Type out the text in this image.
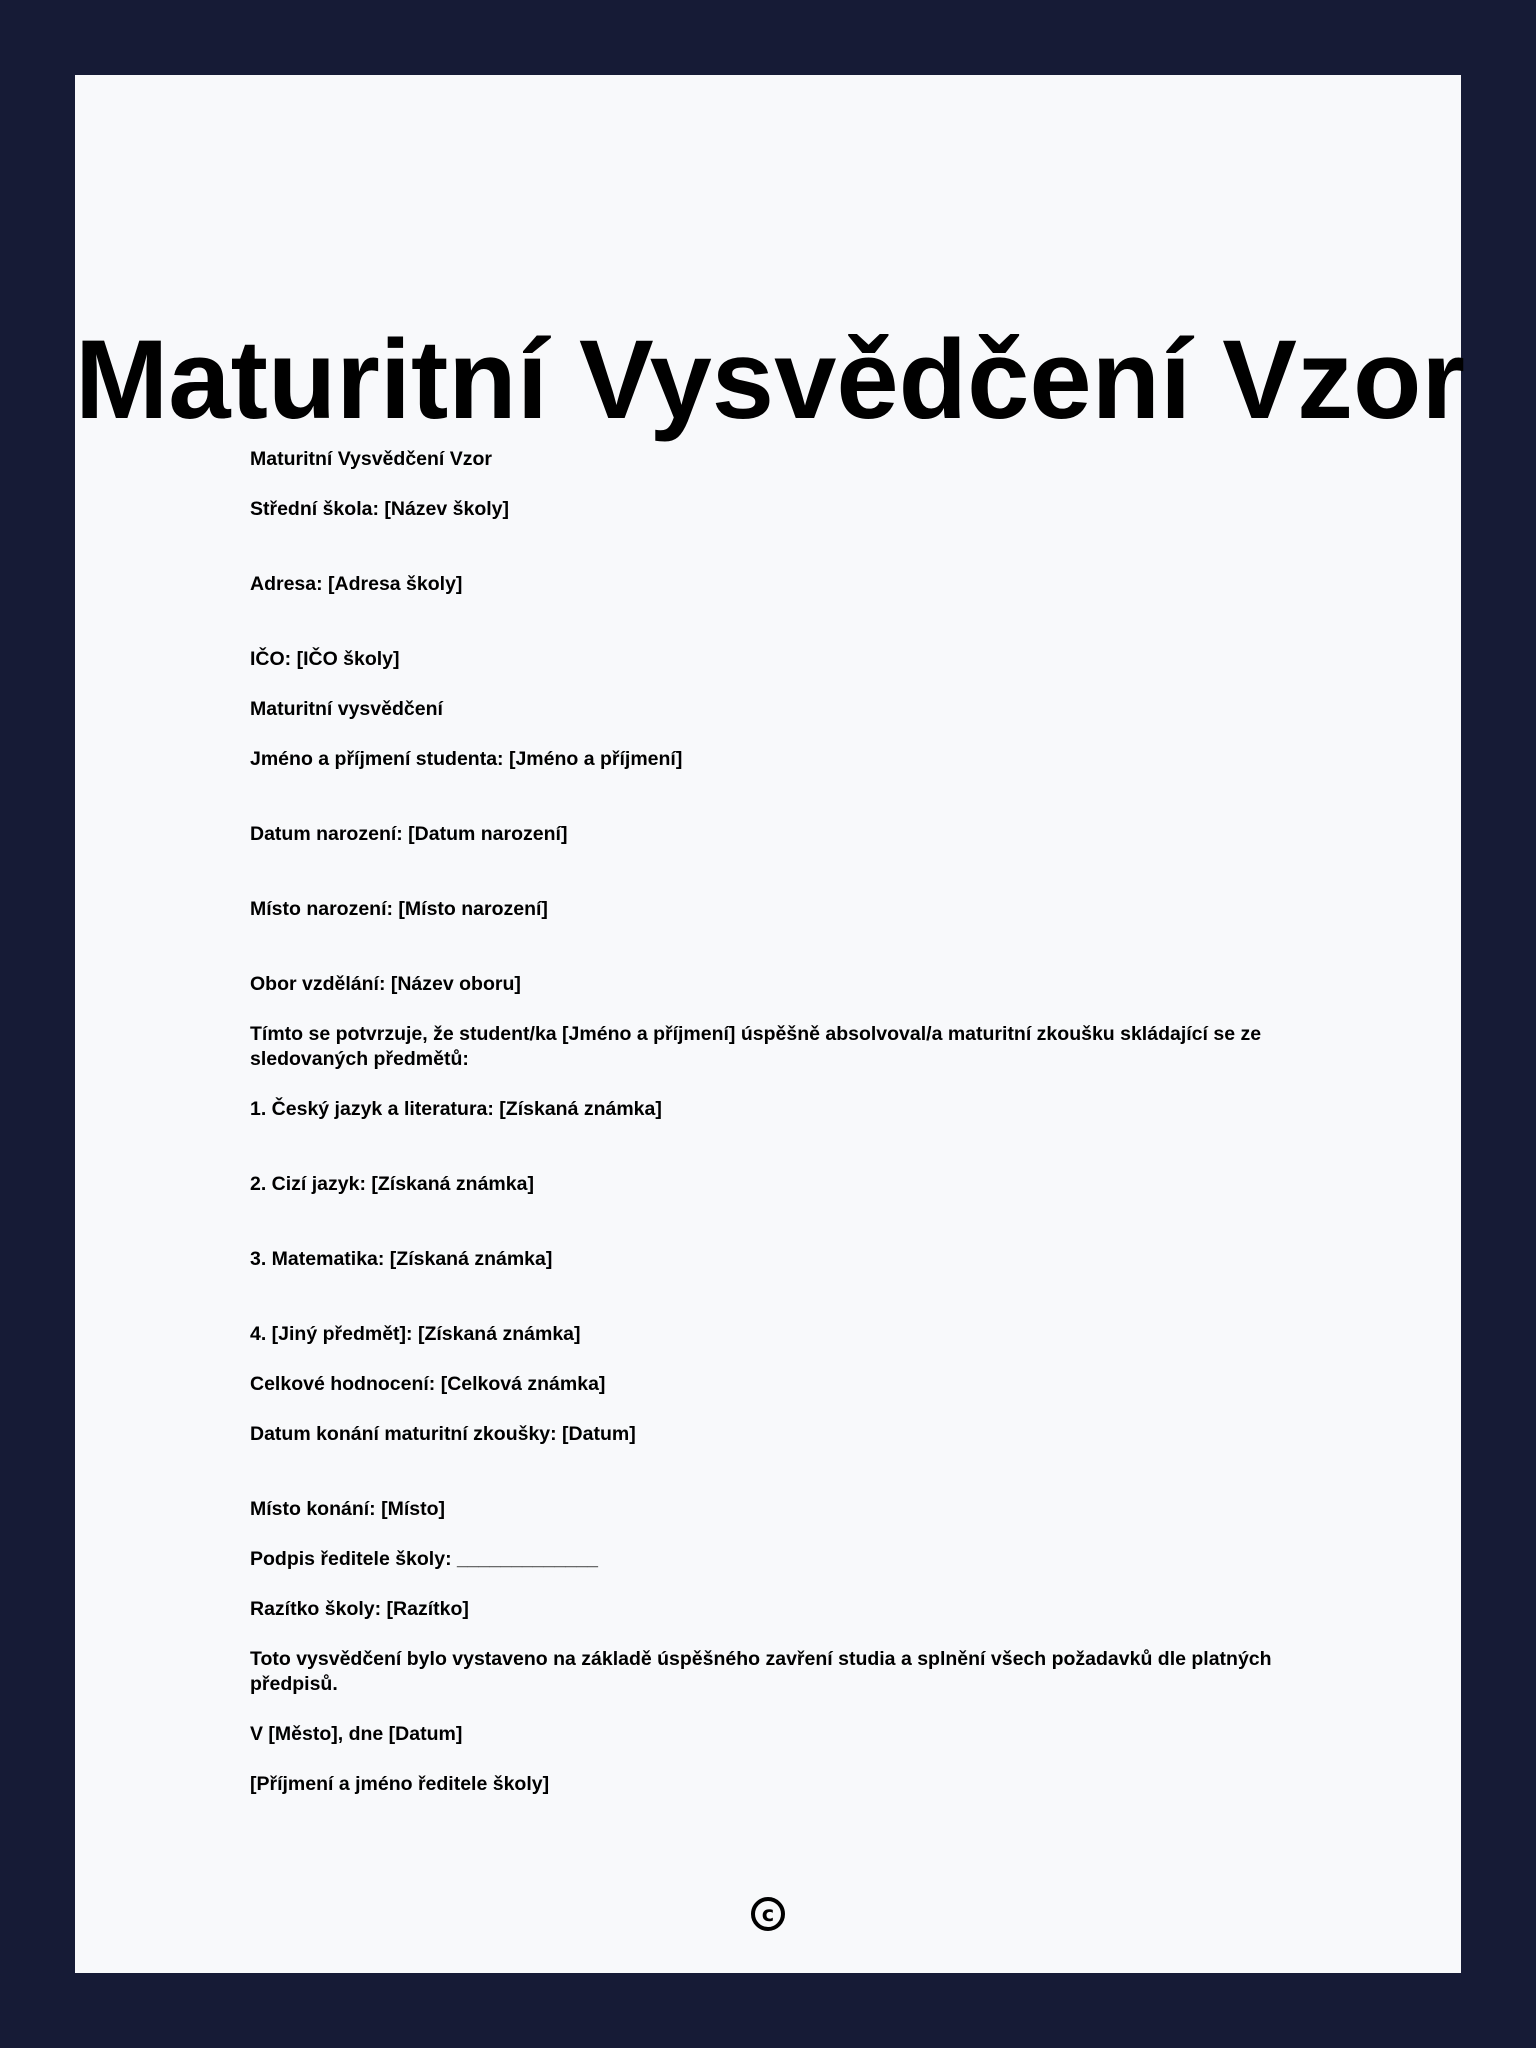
Maturitní Vysvědčení Vzor

Maturitní Vysvědčení Vzor

Střední škola: [Název školy]

Adresa: [Adresa školy]

IČO: [IČO školy]

Maturitní vysvědčení

Jméno a příjmení studenta: [Jméno a příjmení]

Datum narození: [Datum narození]

Místo narození: [Místo narození]

Obor vzdělání: [Název oboru]

Tímto se potvrzuje, že student/ka [Jméno a příjmení] úspěšně absolvoval/a maturitní zkoušku skládající se ze sledovaných předmětů:

1. Český jazyk a literatura: [Získaná známka]

2. Cizí jazyk: [Získaná známka]

3. Matematika: [Získaná známka]

4. [Jiný předmět]: [Získaná známka]

Celkové hodnocení: [Celková známka]

Datum konání maturitní zkoušky: [Datum]

Místo konání: [Místo]

Podpis ředitele školy: _____________

Razítko školy: [Razítko]

Toto vysvědčení bylo vystaveno na základě úspěšného zavření studia a splnění všech požadavků dle platných předpisů.

V [Město], dne [Datum]

[Příjmení a jméno ředitele školy]

c
